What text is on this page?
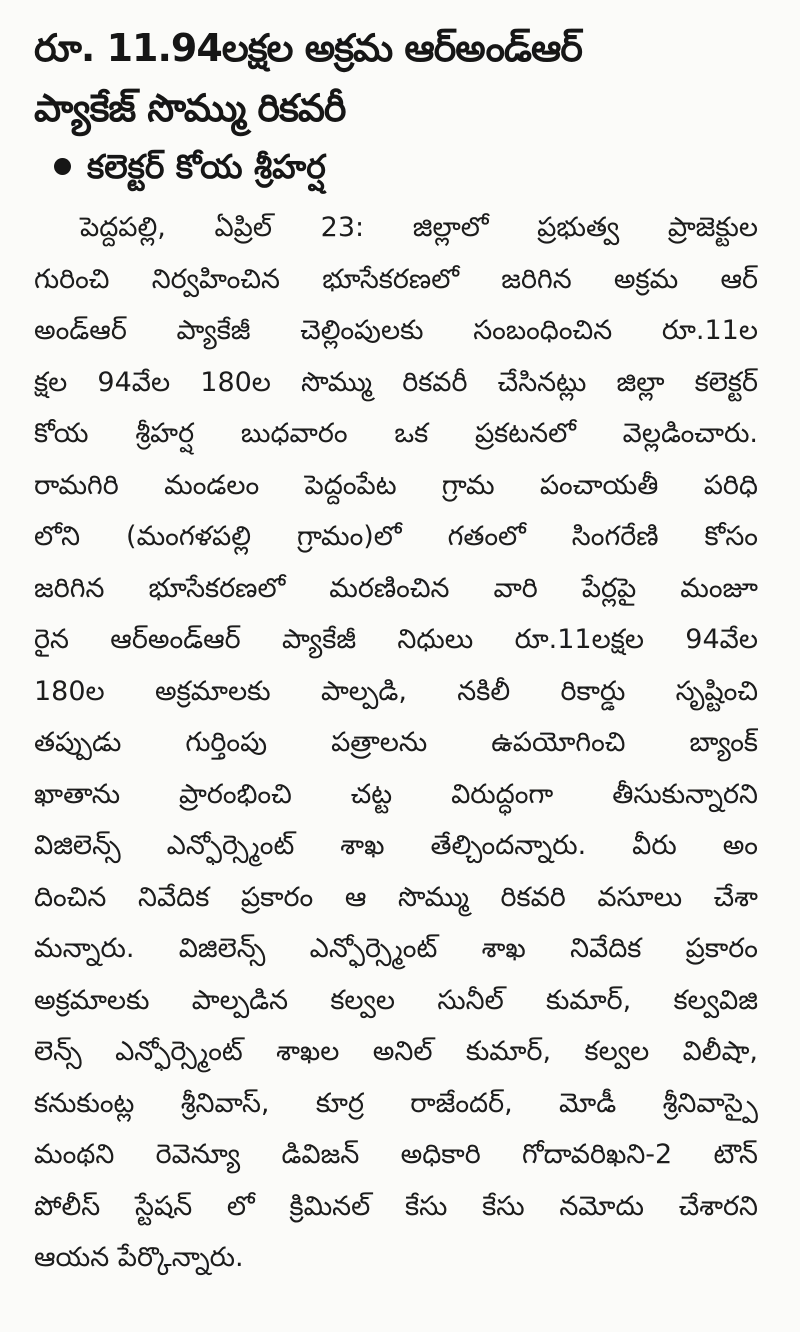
రూ. 11.94లక్షల అక్రమ ఆర్అండ్ఆర్
ప్యాకేజ్ సొమ్ము రికవరీ
కలెక్టర్ కోయ శ్రీహర్ష
పెద్దపల్లి, ఏప్రిల్ 23: జిల్లాలో ప్రభుత్వ ప్రాజెక్టుల
గురించి నిర్వహించిన భూసేకరణలో జరిగిన అక్రమ ఆర్
అండ్ఆర్ ప్యాకేజీ చెల్లింపులకు సంబంధించిన రూ.11ల
క్షల 94వేల 180ల సొమ్ము రికవరీ చేసినట్లు జిల్లా కలెక్టర్
కోయ శ్రీహర్ష బుధవారం ఒక ప్రకటనలో వెల్లడించారు.
రామగిరి మండలం పెద్దంపేట గ్రామ పంచాయతీ పరిధి
లోని (మంగళపల్లి గ్రామం)లో గతంలో సింగరేణి కోసం
జరిగిన భూసేకరణలో మరణించిన వారి పేర్లపై మంజూ
రైన ఆర్అండ్ఆర్ ప్యాకేజీ నిధులు రూ.11లక్షల 94వేల
180ల అక్రమాలకు పాల్పడి, నకిలీ రికార్డు సృష్టించి
తప్పుడు గుర్తింపు పత్రాలను ఉపయోగించి బ్యాంక్
ఖాతాను ప్రారంభించి చట్ట విరుద్ధంగా తీసుకున్నారని
విజిలెన్స్ ఎన్ఫోర్స్మెంట్ శాఖ తేల్చిందన్నారు. వీరు అం
దించిన నివేదిక ప్రకారం ఆ సొమ్ము రికవరి వసూలు చేశా
మన్నారు. విజిలెన్స్ ఎన్ఫోర్స్మెంట్ శాఖ నివేదిక ప్రకారం
అక్రమాలకు పాల్పడిన కల్వల సునీల్ కుమార్, కల్వవిజి
లెన్స్ ఎన్ఫోర్స్మెంట్ శాఖల అనిల్ కుమార్, కల్వల విలీషా,
కనుకుంట్ల శ్రీనివాస్, కూర్ర రాజేందర్, మోడీ శ్రీనివాస్పై
మంథని రెవెన్యూ డివిజన్ అధికారి గోదావరిఖని-2 టౌన్
పోలీస్ స్టేషన్ లో క్రిమినల్ కేసు కేసు నమోదు చేశారని
ఆయన పేర్కొన్నారు.
